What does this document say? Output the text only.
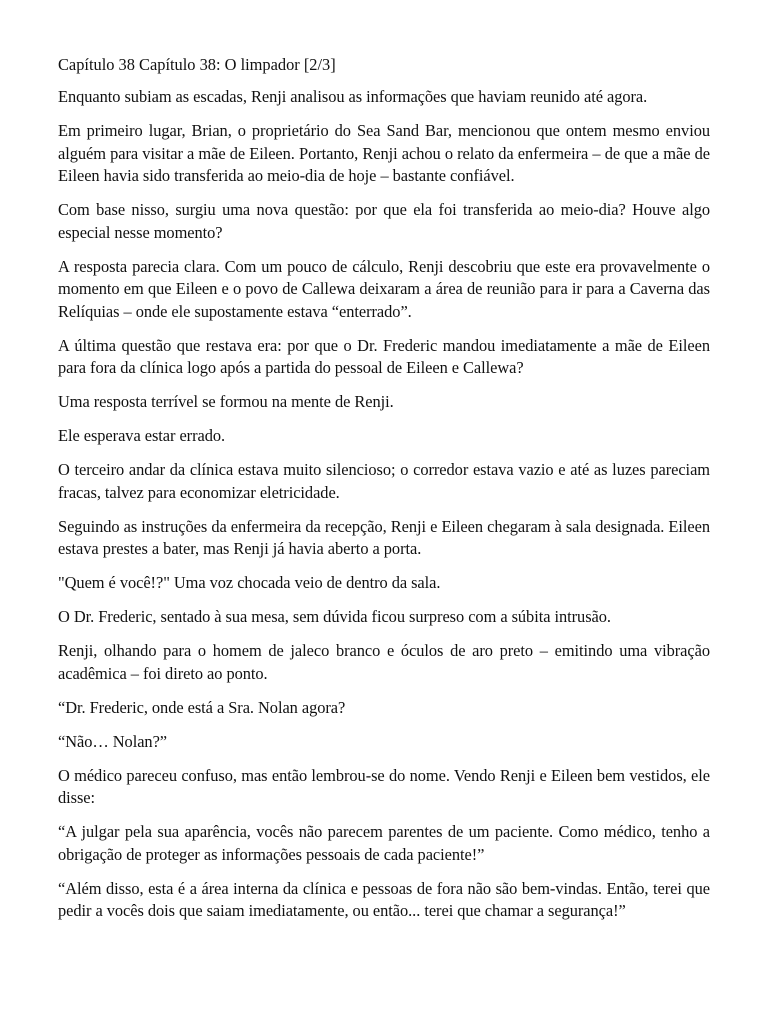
Capítulo 38 Capítulo 38: O limpador [2/3]

Enquanto subiam as escadas, Renji analisou as informações que haviam reunido até agora.

Em primeiro lugar, Brian, o proprietário do Sea Sand Bar, mencionou que ontem mesmo enviou alguém para visitar a mãe de Eileen. Portanto, Renji achou o relato da enfermeira – de que a mãe de Eileen havia sido transferida ao meio-dia de hoje – bastante confiável.

Com base nisso, surgiu uma nova questão: por que ela foi transferida ao meio-dia? Houve algo especial nesse momento?

A resposta parecia clara. Com um pouco de cálculo, Renji descobriu que este era provavelmente o momento em que Eileen e o povo de Callewa deixaram a área de reunião para ir para a Caverna das Relíquias – onde ele supostamente estava “enterrado”.

A última questão que restava era: por que o Dr. Frederic mandou imediatamente a mãe de Eileen para fora da clínica logo após a partida do pessoal de Eileen e Callewa?

Uma resposta terrível se formou na mente de Renji.

Ele esperava estar errado.

O terceiro andar da clínica estava muito silencioso; o corredor estava vazio e até as luzes pareciam fracas, talvez para economizar eletricidade.

Seguindo as instruções da enfermeira da recepção, Renji e Eileen chegaram à sala designada. Eileen estava prestes a bater, mas Renji já havia aberto a porta.

"Quem é você!?" Uma voz chocada veio de dentro da sala.

O Dr. Frederic, sentado à sua mesa, sem dúvida ficou surpreso com a súbita intrusão.

Renji, olhando para o homem de jaleco branco e óculos de aro preto – emitindo uma vibração acadêmica – foi direto ao ponto.

“Dr. Frederic, onde está a Sra. Nolan agora?

“Não… Nolan?”

O médico pareceu confuso, mas então lembrou-se do nome. Vendo Renji e Eileen bem vestidos, ele disse:

“A julgar pela sua aparência, vocês não parecem parentes de um paciente. Como médico, tenho a obrigação de proteger as informações pessoais de cada paciente!”

“Além disso, esta é a área interna da clínica e pessoas de fora não são bem-vindas. Então, terei que pedir a vocês dois que saiam imediatamente, ou então... terei que chamar a segurança!”
